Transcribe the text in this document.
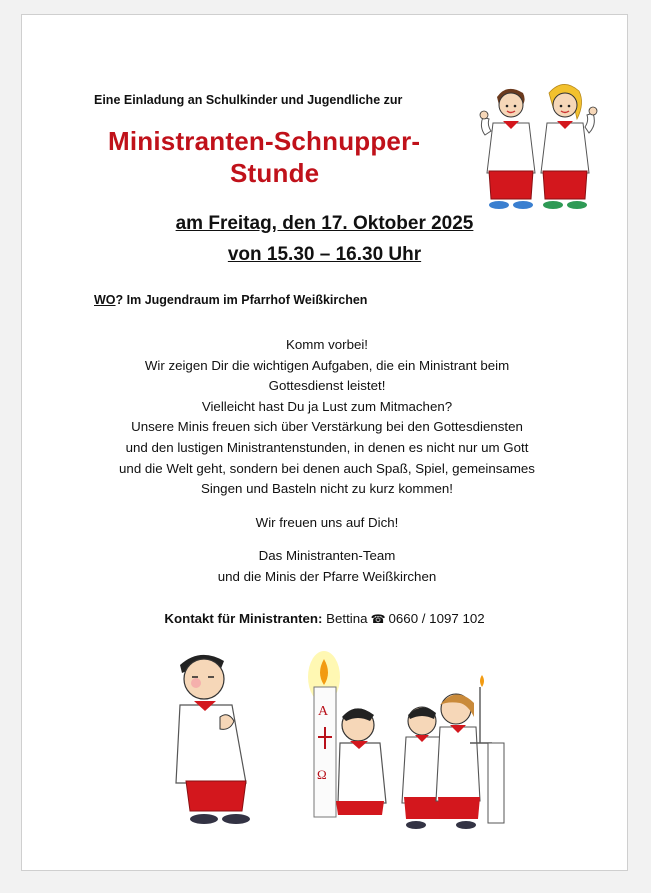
Eine Einladung an Schulkinder und Jugendliche zur
Ministranten-Schnupper-
Stunde
am Freitag, den 17. Oktober 2025
von 15.30 – 16.30 Uhr
WO? Im Jugendraum im Pfarrhof Weißkirchen

Komm vorbei!

Wir zeigen Dir die wichtigen Aufgaben, die ein Ministrant beim

Gottesdienst leistet!

Vielleicht hast Du ja Lust zum Mitmachen?

Unsere Minis freuen sich über Verstärkung bei den Gottesdiensten

und den lustigen Ministrantenstunden, in denen es nicht nur um Gott

und die Welt geht, sondern bei denen auch Spaß, Spiel, gemeinsames

Singen und Basteln nicht zu kurz kommen!

Wir freuen uns auf Dich!

Das Ministranten-Team

und die Minis der Pfarre Weißkirchen

Kontakt für Ministranten: Bettina ☎ 0660 / 1097 102
A
Ω
